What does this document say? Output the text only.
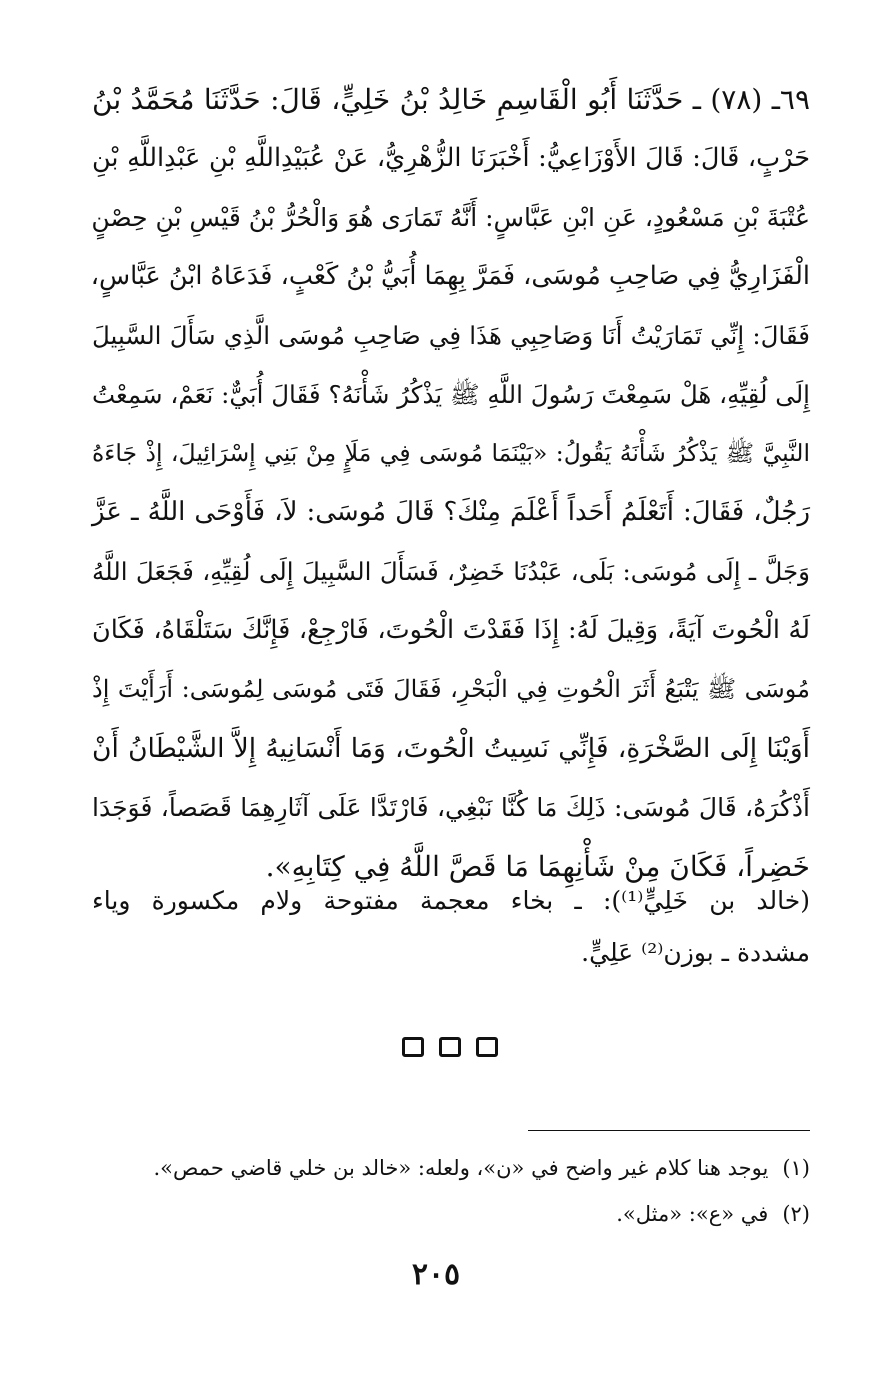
٦٩ـ (٧٨) ـ حَدَّثَنَا أَبُو الْقَاسِمِ خَالِدُ بْنُ خَلِيٍّ، قَالَ: حَدَّثَنَا مُحَمَّدُ بْنُ
حَرْبٍ، قَالَ: قَالَ الأَوْزَاعِيُّ: أَخْبَرَنَا الزُّهْرِيُّ، عَنْ عُبَيْدِاللَّهِ بْنِ عَبْدِاللَّهِ بْنِ
عُتْبَةَ بْنِ مَسْعُودٍ، عَنِ ابْنِ عَبَّاسٍ: أَنَّهُ تَمَارَى هُوَ وَالْحُرُّ بْنُ قَيْسِ بْنِ حِصْنٍ
الْفَزَارِيُّ فِي صَاحِبِ مُوسَى، فَمَرَّ بِهِمَا أُبَيُّ بْنُ كَعْبٍ، فَدَعَاهُ ابْنُ عَبَّاسٍ،
فَقَالَ: إِنِّي تَمَارَيْتُ أَنَا وَصَاحِبِي هَذَا فِي صَاحِبِ مُوسَى الَّذِي سَأَلَ السَّبِيلَ
إِلَى لُقِيِّهِ، هَلْ سَمِعْتَ رَسُولَ اللَّهِ ﷺ يَذْكُرُ شَأْنَهُ؟ فَقَالَ أُبَيٌّ: نَعَمْ، سَمِعْتُ
النَّبِيَّ ﷺ يَذْكُرُ شَأْنَهُ يَقُولُ: «بَيْنَمَا مُوسَى فِي مَلَإٍ مِنْ بَنِي إِسْرَائِيلَ، إِذْ جَاءَهُ
رَجُلٌ، فَقَالَ: أَتَعْلَمُ أَحَداً أَعْلَمَ مِنْكَ؟ قَالَ مُوسَى: لاَ، فَأَوْحَى اللَّهُ ـ عَزَّ
وَجَلَّ ـ إِلَى مُوسَى: بَلَى، عَبْدُنَا خَضِرٌ، فَسَأَلَ السَّبِيلَ إِلَى لُقِيِّهِ، فَجَعَلَ اللَّهُ
لَهُ الْحُوتَ آيَةً، وَقِيلَ لَهُ: إِذَا فَقَدْتَ الْحُوتَ، فَارْجِعْ، فَإِنَّكَ سَتَلْقَاهُ، فَكَانَ
مُوسَى ﷺ يَتْبَعُ أَثَرَ الْحُوتِ فِي الْبَحْرِ، فَقَالَ فَتَى مُوسَى لِمُوسَى: أَرَأَيْتَ إِذْ
أَوَيْنَا إِلَى الصَّخْرَةِ، فَإِنِّي نَسِيتُ الْحُوتَ، وَمَا أَنْسَانِيهُ إِلاَّ الشَّيْطَانُ أَنْ
أَذْكُرَهُ، قَالَ مُوسَى: ذَلِكَ مَا كُنَّا نَبْغِي، فَارْتَدَّا عَلَى آثَارِهِمَا قَصَصاً، فَوَجَدَا
خَضِراً، فَكَانَ مِنْ شَأْنِهِمَا مَا قَصَّ اللَّهُ فِي كِتَابِهِ».
(خالد بن خَلِيٍّ⁽¹⁾): ـ بخاء معجمة مفتوحة ولام مكسورة وياء
مشددة ـ بوزن⁽²⁾ عَلِيٍّ.
(١)يوجد هنا كلام غير واضح في «ن»، ولعله: «خالد بن خلي قاضي حمص».
(٢)في «ع»: «مثل».
٢٠٥
